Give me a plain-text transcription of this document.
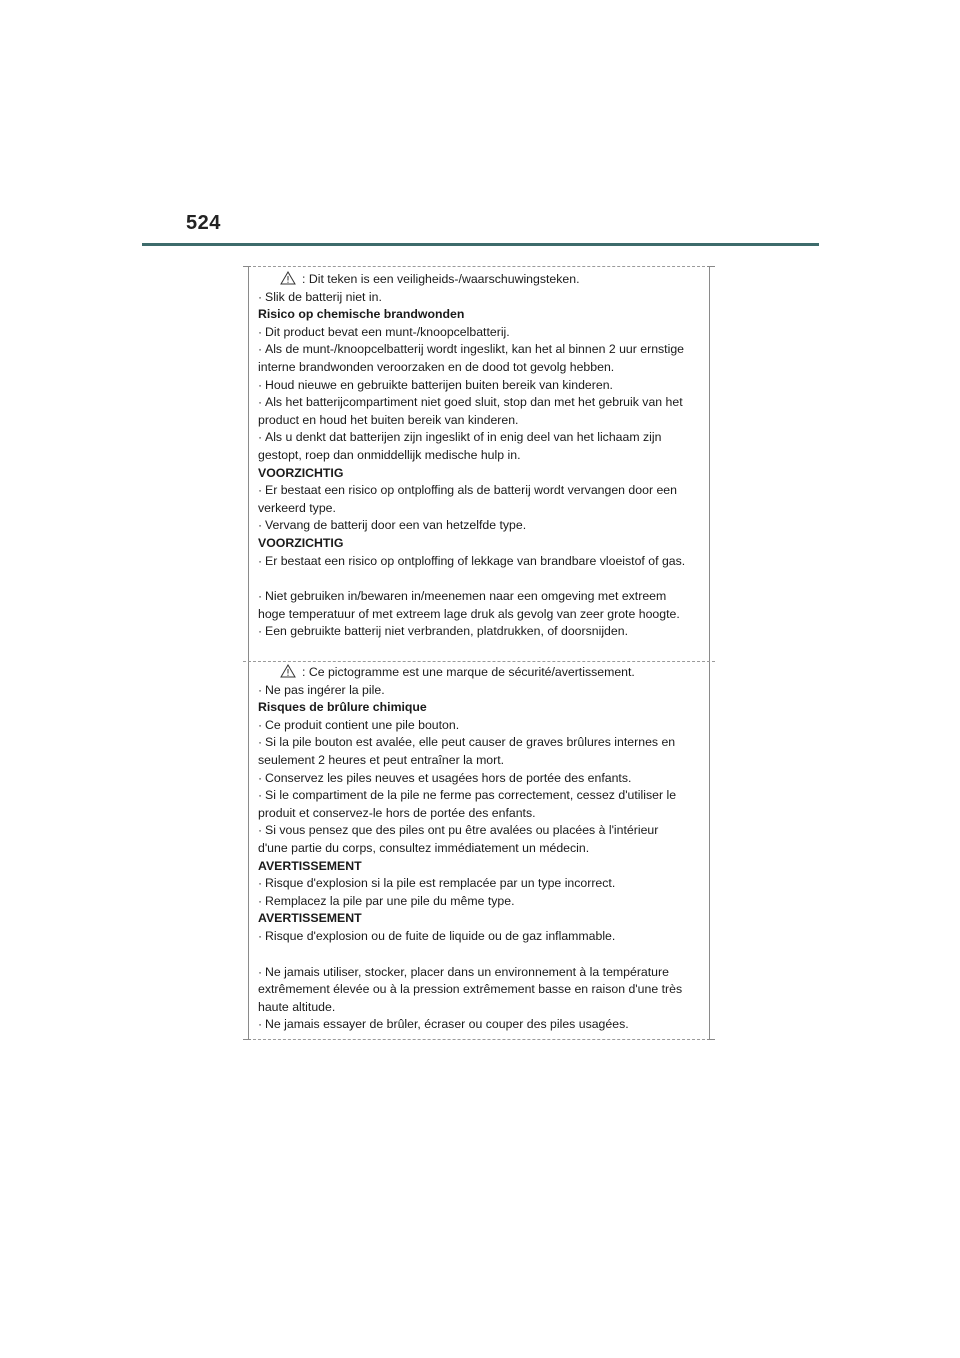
524
: Dit teken is een veiligheids-/waarschuwingsteken.
· Slik de batterij niet in.
Risico op chemische brandwonden
· Dit product bevat een munt-/knoopcelbatterij.
· Als de munt-/knoopcelbatterij wordt ingeslikt, kan het al binnen 2 uur ernstige
interne brandwonden veroorzaken en de dood tot gevolg hebben.
· Houd nieuwe en gebruikte batterijen buiten bereik van kinderen.
· Als het batterijcompartiment niet goed sluit, stop dan met het gebruik van het
product en houd het buiten bereik van kinderen.
· Als u denkt dat batterijen zijn ingeslikt of in enig deel van het lichaam zijn
gestopt, roep dan onmiddellijk medische hulp in.
VOORZICHTIG
· Er bestaat een risico op ontploffing als de batterij wordt vervangen door een
verkeerd type.
· Vervang de batterij door een van hetzelfde type.
VOORZICHTIG
· Er bestaat een risico op ontploffing of lekkage van brandbare vloeistof of gas.
· Niet gebruiken in/bewaren in/meenemen naar een omgeving met extreem
hoge temperatuur of met extreem lage druk als gevolg van zeer grote hoogte.
· Een gebruikte batterij niet verbranden, platdrukken, of doorsnijden.
: Ce pictogramme est une marque de sécurité/avertissement.
· Ne pas ingérer la pile.
Risques de brûlure chimique
· Ce produit contient une pile bouton.
· Si la pile bouton est avalée, elle peut causer de graves brûlures internes en
seulement 2 heures et peut entraîner la mort.
· Conservez les piles neuves et usagées hors de portée des enfants.
· Si le compartiment de la pile ne ferme pas correctement, cessez d'utiliser le
produit et conservez-le hors de portée des enfants.
· Si vous pensez que des piles ont pu être avalées ou placées à l'intérieur
d'une partie du corps, consultez immédiatement un médecin.
AVERTISSEMENT
· Risque d'explosion si la pile est remplacée par un type incorrect.
· Remplacez la pile par une pile du même type.
AVERTISSEMENT
· Risque d'explosion ou de fuite de liquide ou de gaz inflammable.
· Ne jamais utiliser, stocker, placer dans un environnement à la température
extrêmement élevée ou à la pression extrêmement basse en raison d'une très
haute altitude.
· Ne jamais essayer de brûler, écraser ou couper des piles usagées.
